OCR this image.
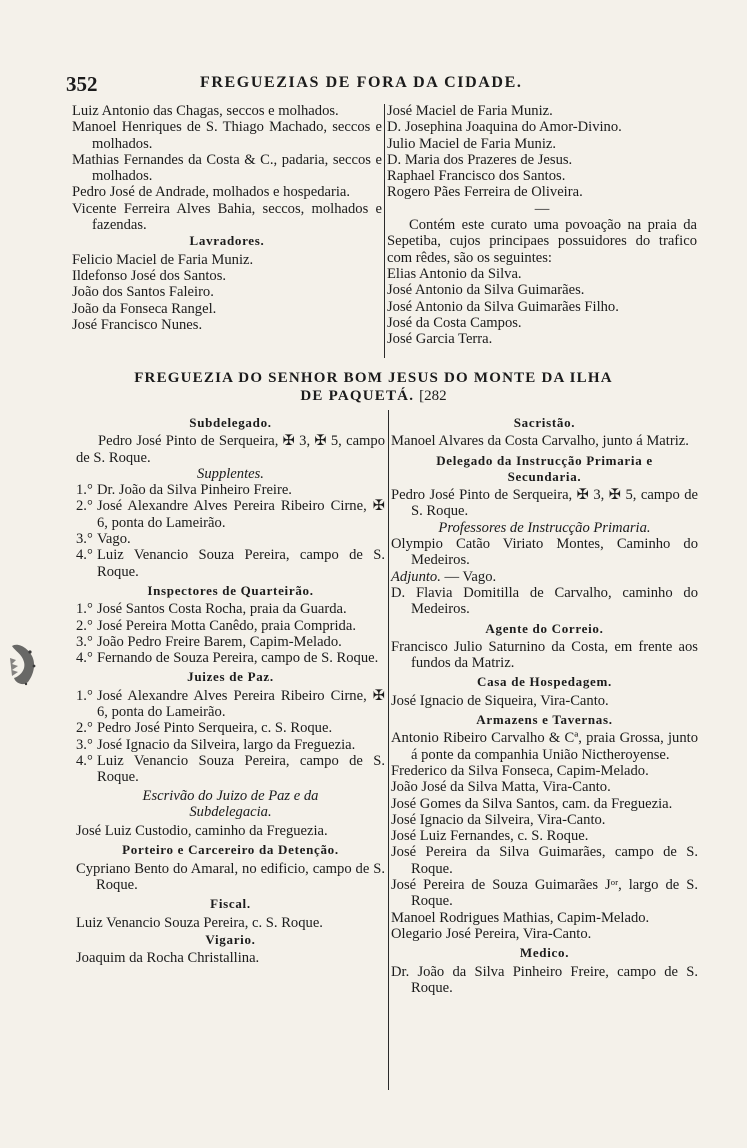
352	FREGUEZIAS DE FORA DA CIDADE.
Luiz Antonio das Chagas, seccos e molhados.
Manoel Henriques de S. Thiago Machado, seccos e molhados.
Mathias Fernandes da Costa & C., padaria, seccos e molhados.
Pedro José de Andrade, molhados e hospedaria.
Vicente Ferreira Alves Bahia, seccos, molhados e fazendas.
Lavradores.
Felicio Maciel de Faria Muniz.
Ildefonso José dos Santos.
João dos Santos Faleiro.
João da Fonseca Rangel.
José Francisco Nunes.
José Maciel de Faria Muniz.
D. Josephina Joaquina do Amor-Divino.
Julio Maciel de Faria Muniz.
D. Maria dos Prazeres de Jesus.
Raphael Francisco dos Santos.
Rogero Pães Ferreira de Oliveira.
—
Contém este curato uma povoação na praia da Sepetiba, cujos principaes possuidores do trafico com rêdes, são os seguintes:
Elias Antonio da Silva.
José Antonio da Silva Guimarães.
José Antonio da Silva Guimarães Filho.
José da Costa Campos.
José Garcia Terra.
FREGUEZIA DO SENHOR BOM JESUS DO MONTE DA ILHA
DE PAQUETÁ. [282
Subdelegado.
Pedro José Pinto de Serqueira, ✠ 3, ✠ 5, campo de S. Roque.
Supplentes.
1.° Dr. João da Silva Pinheiro Freire.
2.° José Alexandre Alves Pereira Ribeiro Cirne, ✠ 6, ponta do Lameirão.
3.° Vago.
4.° Luiz Venancio Souza Pereira, campo de S. Roque.
Inspectores de Quarteirão.
1.° José Santos Costa Rocha, praia da Guarda.
2.° José Pereira Motta Canêdo, praia Comprida.
3.° João Pedro Freire Barem, Capim-Melado.
4.° Fernando de Souza Pereira, campo de S. Roque.
Juizes de Paz.
1.° José Alexandre Alves Pereira Ribeiro Cirne, ✠ 6, ponta do Lameirão.
2.° Pedro José Pinto Serqueira, c. S. Roque.
3.° José Ignacio da Silveira, largo da Freguezia.
4.° Luiz Venancio Souza Pereira, campo de S. Roque.
Escrivão do Juizo de Paz e da
Subdelegacia.
José Luiz Custodio, caminho da Freguezia.
Porteiro e Carcereiro da Detenção.
Cypriano Bento do Amaral, no edificio, campo de S. Roque.
Fiscal.
Luiz Venancio Souza Pereira, c. S. Roque.
Vigario.
Joaquim da Rocha Christallina.
Sacristão.
Manoel Alvares da Costa Carvalho, junto á Matriz.
Delegado da Instrucção Primaria e
Secundaria.
Pedro José Pinto de Serqueira, ✠ 3, ✠ 5, campo de S. Roque.
Professores de Instrucção Primaria.
Olympio Catão Viriato Montes, Caminho do Medeiros.
Adjunto. — Vago.
D. Flavia Domitilla de Carvalho, caminho do Medeiros.
Agente do Correio.
Francisco Julio Saturnino da Costa, em frente aos fundos da Matriz.
Casa de Hospedagem.
José Ignacio de Siqueira, Vira-Canto.
Armazens e Tavernas.
Antonio Ribeiro Carvalho & Cª, praia Grossa, junto á ponte da companhia União Nictheroyense.
Frederico da Silva Fonseca, Capim-Melado.
João José da Silva Matta, Vira-Canto.
José Gomes da Silva Santos, cam. da Freguezia.
José Ignacio da Silveira, Vira-Canto.
José Luiz Fernandes, c. S. Roque.
José Pereira da Silva Guimarães, campo de S. Roque.
José Pereira de Souza Guimarães Jᵒʳ, largo de S. Roque.
Manoel Rodrigues Mathias, Capim-Melado.
Olegario José Pereira, Vira-Canto.
Medico.
Dr. João da Silva Pinheiro Freire, campo de S. Roque.
